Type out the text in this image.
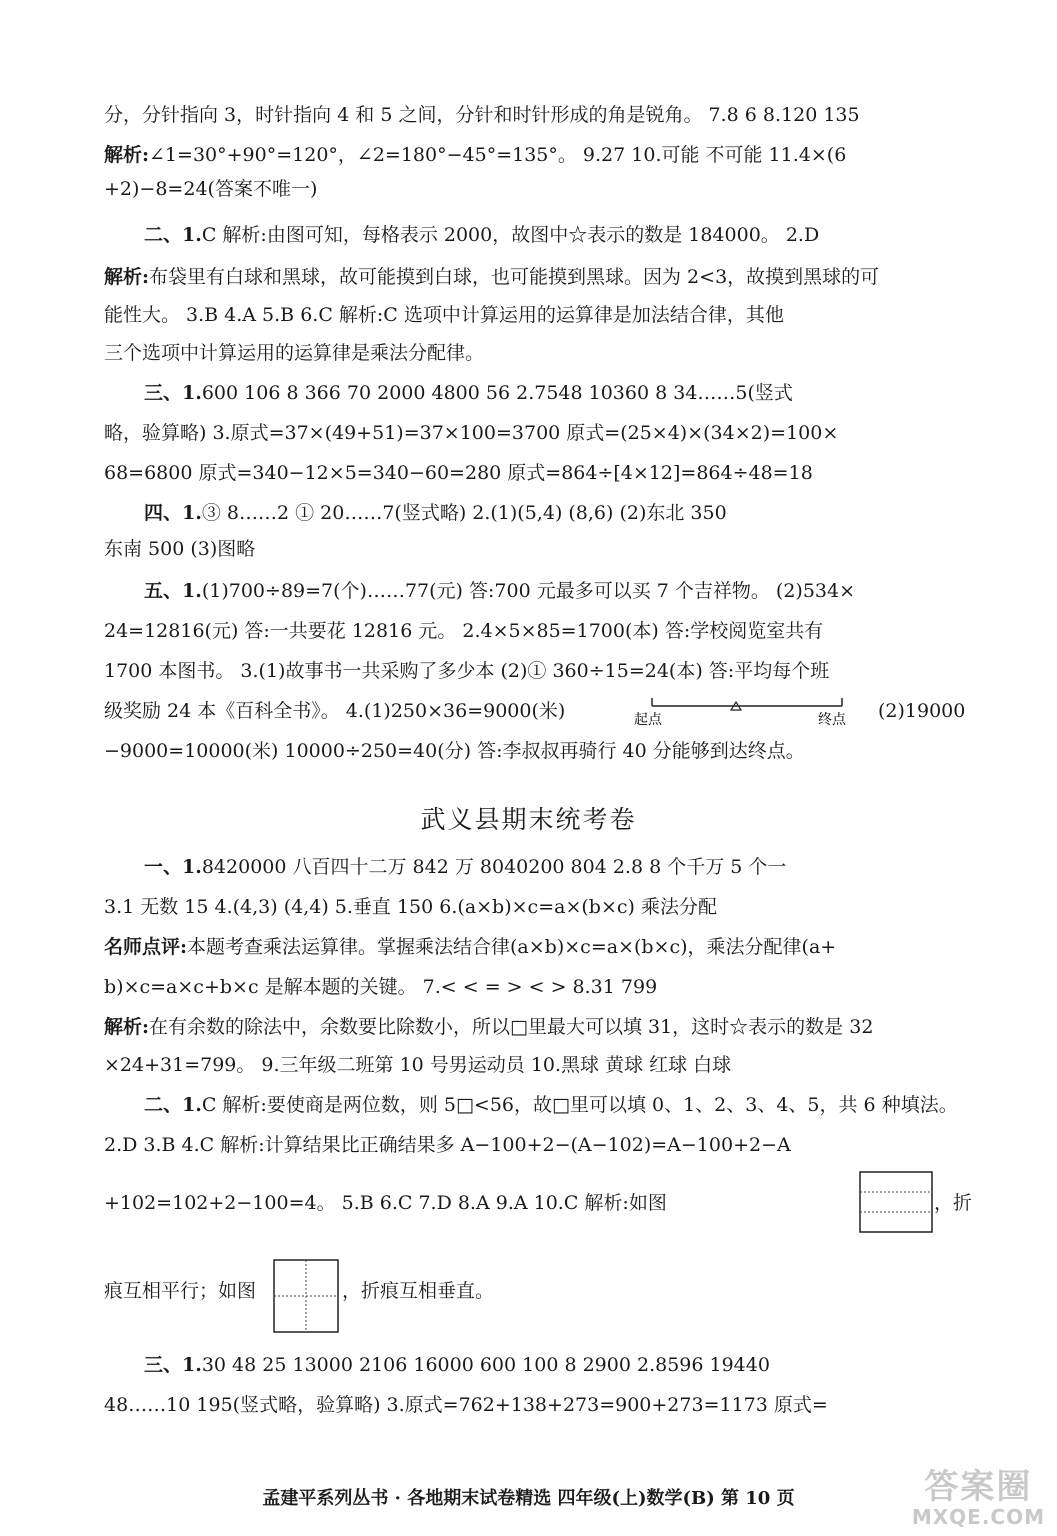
分，分针指向 3，时针指向 4 和 5 之间，分针和时针形成的角是锐角。 7.8 6 8.120 135
解析:∠1=30°+90°=120°，∠2=180°−45°=135°。 9.27 10.可能 不可能 11.4×(6
+2)−8=24(答案不唯一)
二、1.C 解析:由图可知，每格表示 2000，故图中☆表示的数是 184000。 2.D
解析:布袋里有白球和黑球，故可能摸到白球，也可能摸到黑球。因为 2<3，故摸到黑球的可
能性大。 3.B 4.A 5.B 6.C 解析:C 选项中计算运用的运算律是加法结合律，其他
三个选项中计算运用的运算律是乘法分配律。
三、1.600 106 8 366 70 2000 4800 56 2.7548 10360 8 34……5(竖式
略，验算略) 3.原式=37×(49+51)=37×100=3700 原式=(25×4)×(34×2)=100×
68=6800 原式=340−12×5=340−60=280 原式=864÷[4×12]=864÷48=18
四、1.③ 8……2 ① 20……7(竖式略) 2.(1)(5,4) (8,6) (2)东北 350
东南 500 (3)图略
五、1.(1)700÷89=7(个)……77(元) 答:700 元最多可以买 7 个吉祥物。 (2)534×
24=12816(元) 答:一共要花 12816 元。 2.4×5×85=1700(本) 答:学校阅览室共有
1700 本图书。 3.(1)故事书一共采购了多少本 (2)① 360÷15=24(本) 答:平均每个班
级奖励 24 本《百科全书》。 4.(1)250×36=9000(米)	起点	终点 (2)19000
−9000=10000(米) 10000÷250=40(分) 答:李叔叔再骑行 40 分能够到达终点。
武义县期末统考卷
一、1.8420000 八百四十二万 842 万 8040200 804 2.8 8 个千万 5 个一
3.1 无数 15 4.(4,3) (4,4) 5.垂直 150 6.(a×b)×c=a×(b×c) 乘法分配
名师点评:本题考查乘法运算律。掌握乘法结合律(a×b)×c=a×(b×c)，乘法分配律(a+
b)×c=a×c+b×c 是解本题的关键。 7.< < = > < > 8.31 799
解析:在有余数的除法中，余数要比除数小，所以□里最大可以填 31，这时☆表示的数是 32
×24+31=799。 9.三年级二班第 10 号男运动员 10.黑球 黄球 红球 白球
二、1.C 解析:要使商是两位数，则 5□<56，故□里可以填 0、1、2、3、4、5，共 6 种填法。
2.D 3.B 4.C 解析:计算结果比正确结果多 A−100+2−(A−102)=A−100+2−A
+102=102+2−100=4。 5.B 6.C 7.D 8.A 9.A 10.C 解析:如图	，折
痕互相平行；如图	，折痕互相垂直。
三、1.30 48 25 13000 2106 16000 600 100 8 2900 2.8596 19440
48……10 195(竖式略，验算略) 3.原式=762+138+273=900+273=1173 原式=
孟建平系列丛书 · 各地期末试卷精选 四年级(上)数学(B) 第 10 页	答案圈
MXQE.COM
